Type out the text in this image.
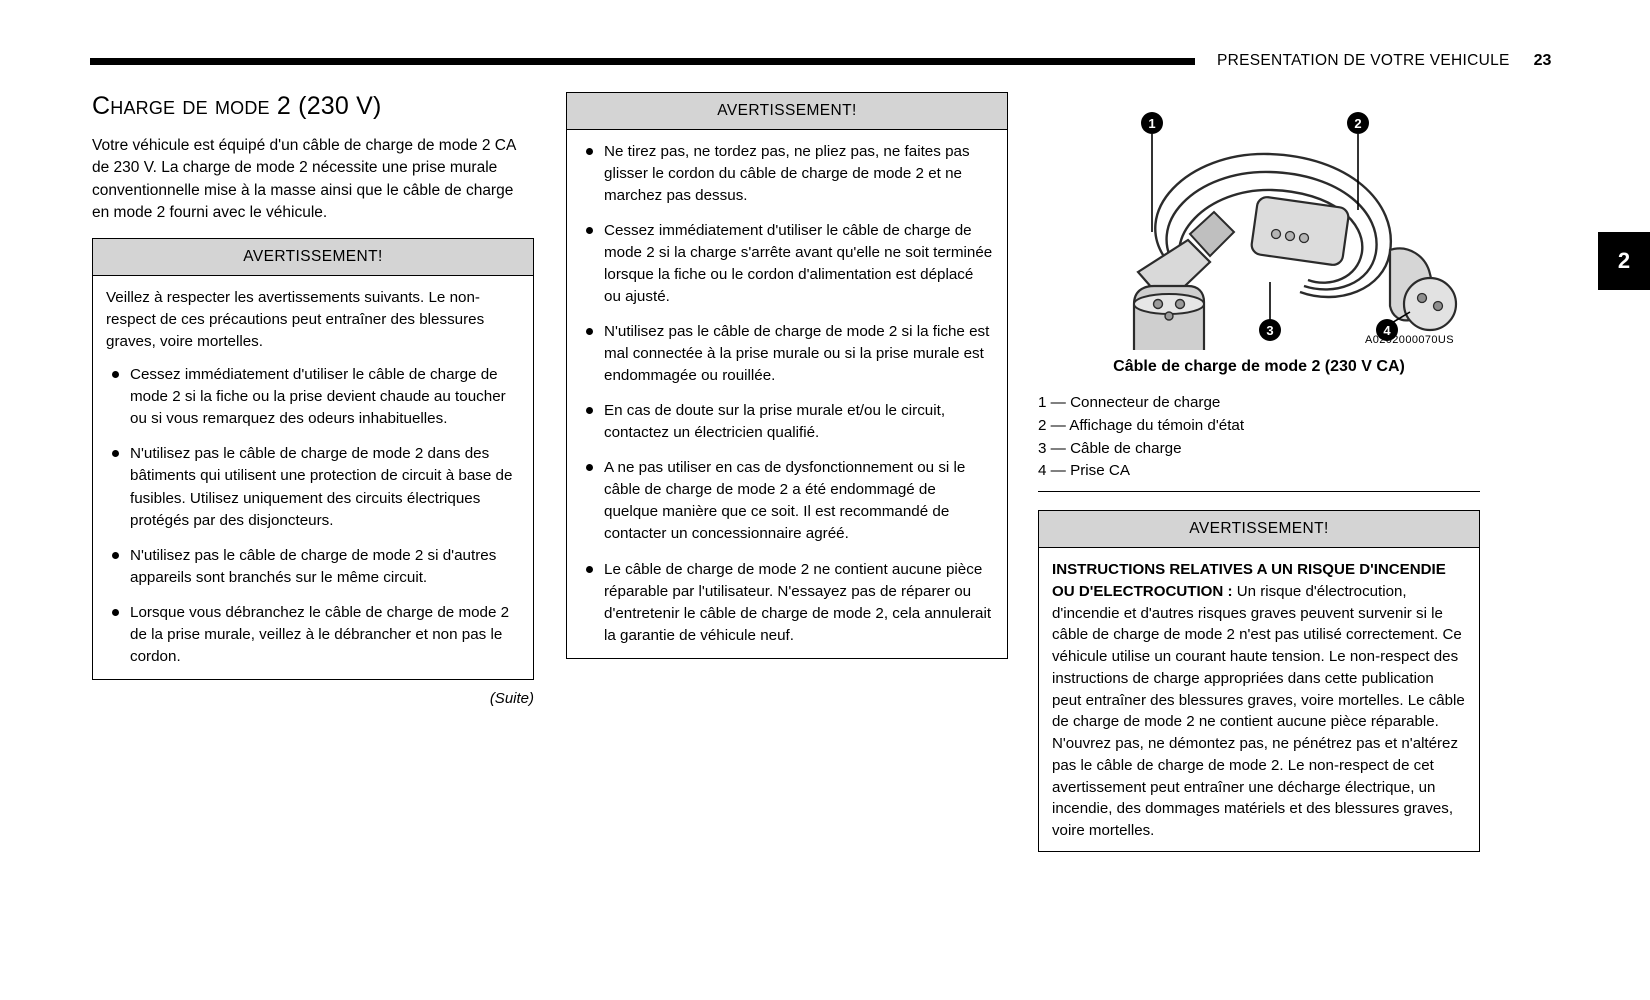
PRESENTATION DE VOTRE VEHICULE 23
2
Charge de mode 2 (230 V)

Votre véhicule est équipé d'un câble de charge de mode 2 CA de 230 V. La charge de mode 2 nécessite une prise murale conventionnelle mise à la masse ainsi que le câble de charge en mode 2 fourni avec le véhicule.

AVERTISSEMENT!

Veillez à respecter les avertissements suivants. Le non-respect de ces précautions peut entraîner des blessures graves, voire mortelles.

Cessez immédiatement d'utiliser le câble de charge de mode 2 si la fiche ou la prise devient chaude au toucher ou si vous remarquez des odeurs inhabituelles.
N'utilisez pas le câble de charge de mode 2 dans des bâtiments qui utilisent une protection de circuit à base de fusibles. Utilisez uniquement des circuits électriques protégés par des disjoncteurs.
N'utilisez pas le câble de charge de mode 2 si d'autres appareils sont branchés sur le même circuit.
Lorsque vous débranchez le câble de charge de mode 2 de la prise murale, veillez à le débrancher et non pas le cordon.
(Suite)
AVERTISSEMENT!
Ne tirez pas, ne tordez pas, ne pliez pas, ne faites pas glisser le cordon du câble de charge de mode 2 et ne marchez pas dessus.
Cessez immédiatement d'utiliser le câble de charge de mode 2 si la charge s'arrête avant qu'elle ne soit terminée lorsque la fiche ou le cordon d'alimentation est déplacé ou ajusté.
N'utilisez pas le câble de charge de mode 2 si la fiche est mal connectée à la prise murale ou si la prise murale est endommagée ou rouillée.
En cas de doute sur la prise murale et/ou le circuit, contactez un électricien qualifié.
A ne pas utiliser en cas de dysfonctionnement ou si le câble de charge de mode 2 a été endommagé de quelque manière que ce soit. Il est recommandé de contacter un concessionnaire agréé.
Le câble de charge de mode 2 ne contient aucune pièce réparable par l'utilisateur. N'essayez pas de réparer ou d'entretenir le câble de charge de mode 2, cela annulerait la garantie de véhicule neuf.
1	2
3	4
A0202000070US
Câble de charge de mode 2 (230 V CA)
1 — Connecteur de charge
2 — Affichage du témoin d'état
3 — Câble de charge
4 — Prise CA
AVERTISSEMENT!

INSTRUCTIONS RELATIVES A UN RISQUE D'INCENDIE OU D'ELECTROCUTION : Un risque d'électrocution, d'incendie et d'autres risques graves peuvent survenir si le câble de charge de mode 2 n'est pas utilisé correctement. Ce véhicule utilise un courant haute tension. Le non-respect des instructions de charge appropriées dans cette publication peut entraîner des blessures graves, voire mortelles. Le câble de charge de mode 2 ne contient aucune pièce réparable. N'ouvrez pas, ne démontez pas, ne pénétrez pas et n'altérez pas le câble de charge de mode 2. Le non-respect de cet avertissement peut entraîner une décharge électrique, un incendie, des dommages matériels et des blessures graves, voire mortelles.
